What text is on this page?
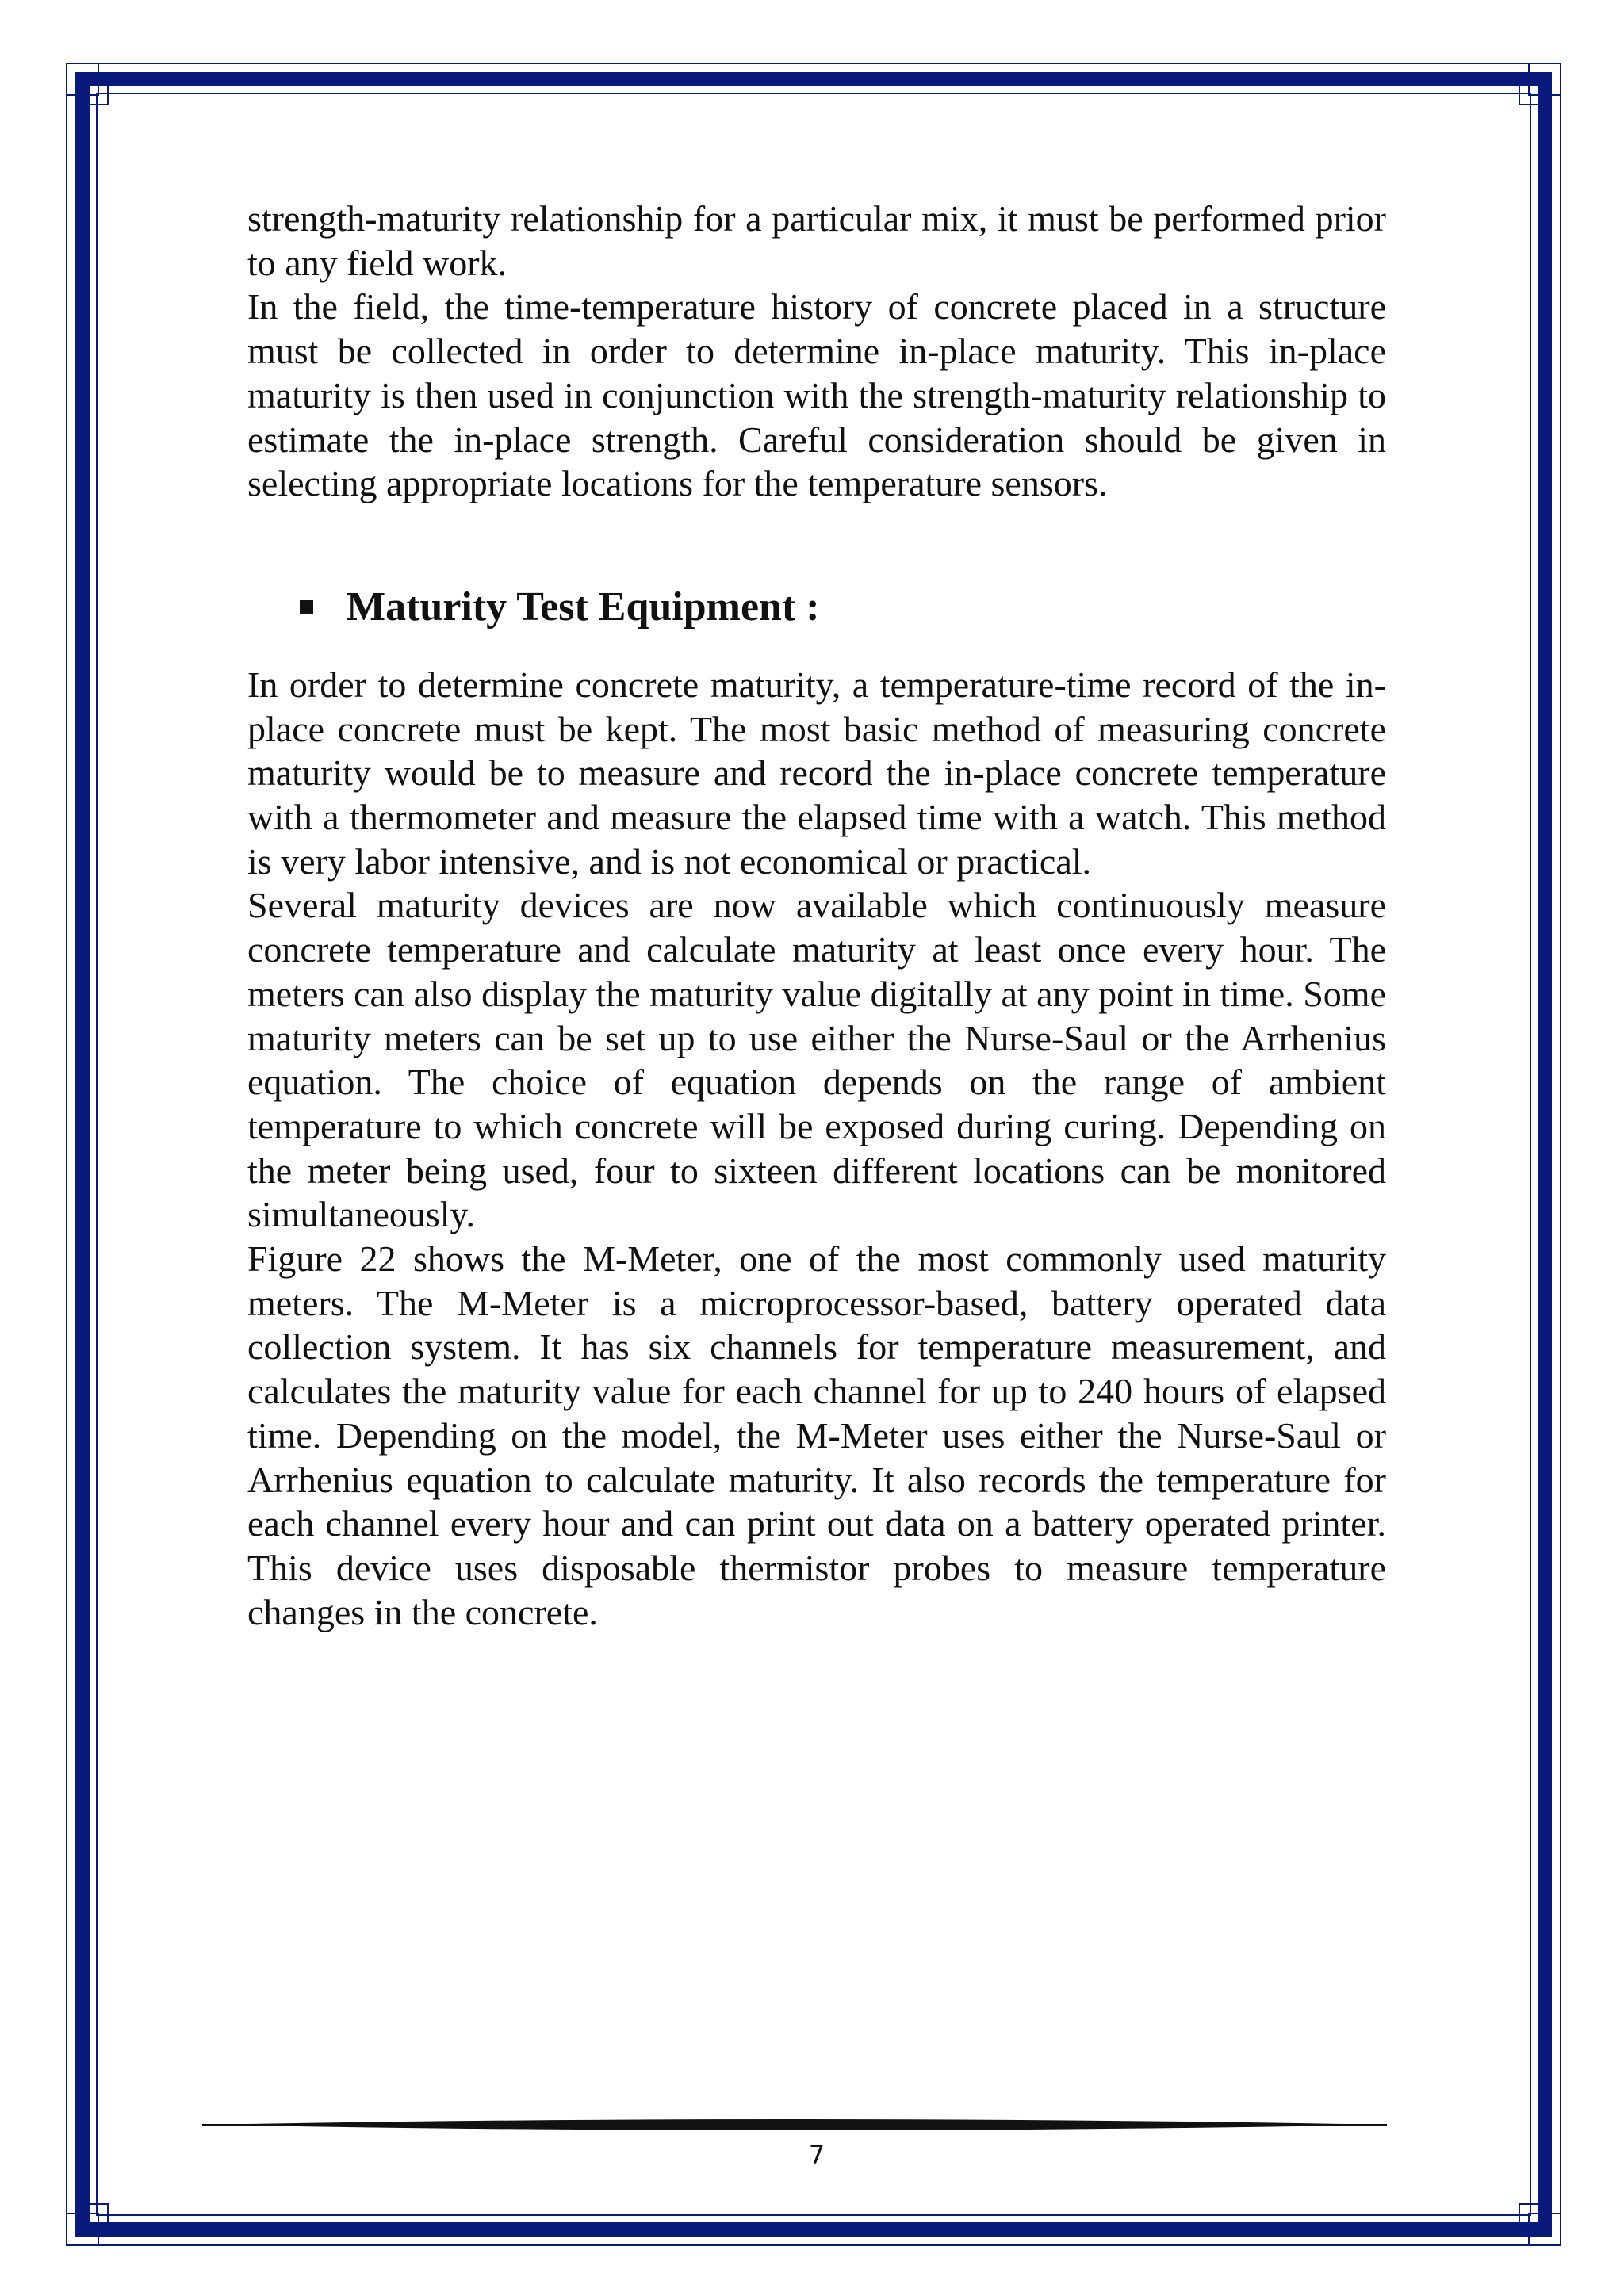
strength-maturity relationship for a particular mix, it must be performed prior to any field work.

In the field, the time-temperature history of concrete placed in a structure must be collected in order to determine in-place maturity. This in-place maturity is then used in conjunction with the strength-maturity relationship to estimate the in-place strength. Careful consideration should be given in selecting appropriate locations for the temperature sensors.

Maturity Test Equipment :

In order to determine concrete maturity, a temperature-time record of the in-place concrete must be kept. The most basic method of measuring concrete maturity would be to measure and record the in-place concrete temperature with a thermometer and measure the elapsed time with a watch. This method is very labor intensive, and is not economical or practical.

Several maturity devices are now available which continuously measure concrete temperature and calculate maturity at least once every hour. The meters can also display the maturity value digitally at any point in time. Some maturity meters can be set up to use either the Nurse-Saul or the Arrhenius equation. The choice of equation depends on the range of ambient temperature to which concrete will be exposed during curing. Depending on the meter being used, four to sixteen different locations can be monitored simultaneously.

Figure 22 shows the M-Meter, one of the most commonly used maturity meters. The M-Meter is a microprocessor-based, battery operated data collection system. It has six channels for temperature measurement, and calculates the maturity value for each channel for up to 240 hours of elapsed time. Depending on the model, the M-Meter uses either the Nurse-Saul or Arrhenius equation to calculate maturity. It also records the temperature for each channel every hour and can print out data on a battery operated printer. This device uses disposable thermistor probes to measure temperature changes in the concrete.

7
